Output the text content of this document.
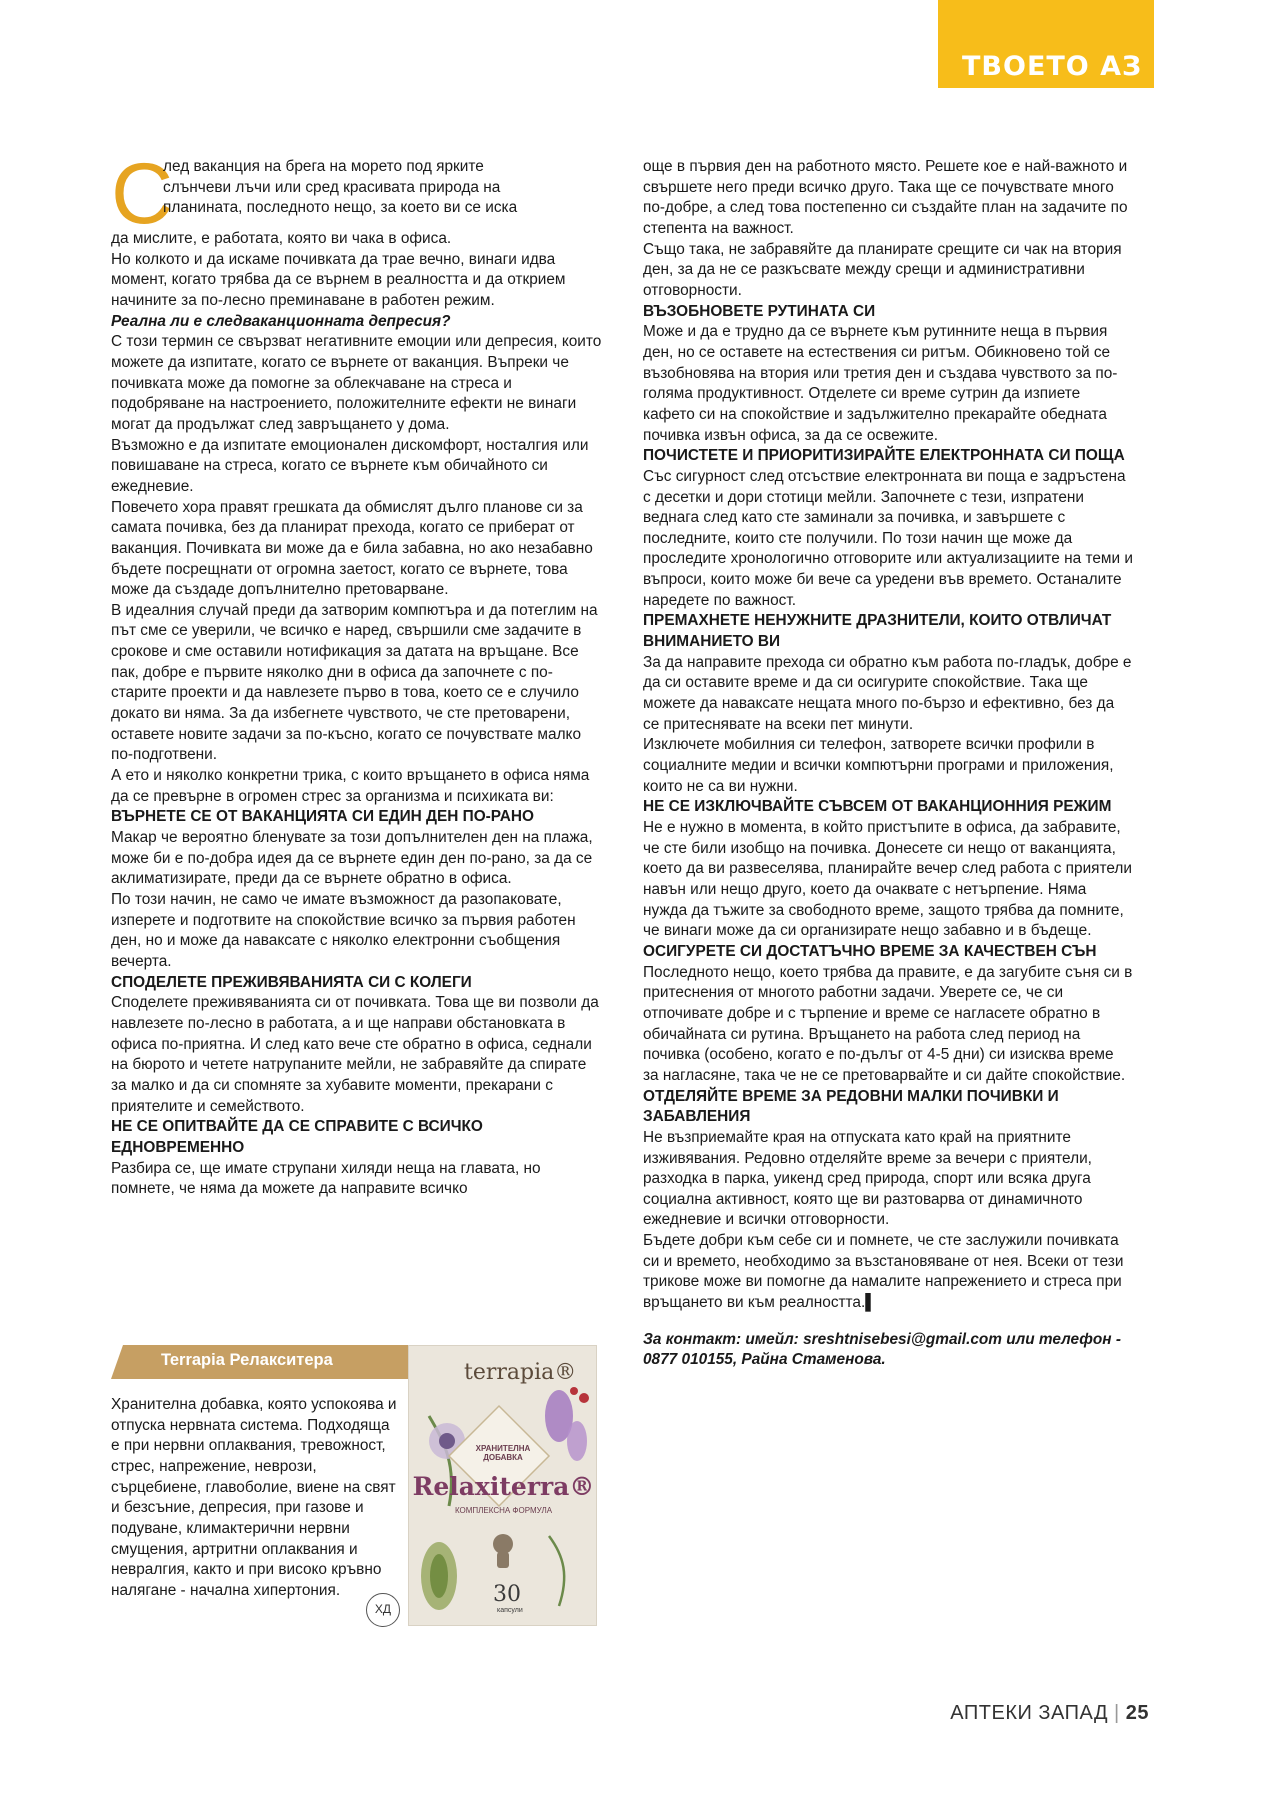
ТВОЕТО АЗ
С

лед ваканция на брега на морето под ярките

слънчеви лъчи или сред красивата природа на

планината, последното нещо, за което ви се иска

да мислите, е работата, която ви чака в офиса.

Но колкото и да искаме почивката да трае вечно, винаги идва момент, когато трябва да се върнем в реалността и да открием начините за по-лесно преминаване в работен режим.

Реална ли е следваканционната депресия?

С този термин се свързват негативните емоции или депресия, които можете да изпитате, когато се върнете от ваканция. Въпреки че почивката може да помогне за облекчаване на стреса и подобряване на настроението, положителните ефекти не винаги могат да продължат след завръщането у дома.

Възможно е да изпитате емоционален дискомфорт, носталгия или повишаване на стреса, когато се върнете към обичайното си ежедневие.

Повечето хора правят грешката да обмислят дълго планове си за самата почивка, без да планират прехода, когато се приберат от ваканция. Почивката ви може да е била забавна, но ако незабавно бъдете посрещнати от огромна заетост, когато се върнете, това може да създаде допълнително претоварване.

В идеалния случай преди да затворим компютъра и да потеглим на път сме се уверили, че всичко е наред, свършили сме задачите в срокове и сме оставили нотификация за датата на връщане. Все пак, добре е първите няколко дни в офиса да започнете с по-старите проекти и да навлезете първо в това, което се е случило докато ви няма. За да избегнете чувството, че сте претоварени, оставете новите задачи за по-късно, когато се почувствате малко по-подготвени.

А ето и няколко конкретни трика, с които връщането в офиса няма да се превърне в огромен стрес за организма и психиката ви:

ВЪРНЕТЕ СЕ ОТ ВАКАНЦИЯТА СИ ЕДИН ДЕН ПО-РАНО

Макар че вероятно бленувате за този допълнителен ден на плажа, може би е по-добра идея да се върнете един ден по-рано, за да се аклиматизирате, преди да се върнете обратно в офиса.

По този начин, не само че имате възможност да разопаковате, изперете и подготвите на спокойствие всичко за първия работен ден, но и може да наваксате с няколко електронни съобщения вечерта.

СПОДЕЛЕТЕ ПРЕЖИВЯВАНИЯТА СИ С КОЛЕГИ

Споделете преживяванията си от почивката. Това ще ви позволи да навлезете по-лесно в работата, а и ще направи обстановката в офиса по-приятна. И след като вече сте обратно в офиса, седнали на бюрото и четете натрупаните мейли, не забравяйте да спирате за малко и да си спомняте за хубавите моменти, прекарани с приятелите и семейството.

НЕ СЕ ОПИТВАЙТЕ ДА СЕ СПРАВИТЕ С ВСИЧКО ЕДНОВРЕМЕННО

Разбира се, ще имате струпани хиляди неща на главата, но помнете, че няма да можете да направите всичко

още в първия ден на работното място. Решете кое е най-важното и свършете него преди всичко друго. Така ще се почувствате много по-добре, а след това постепенно си създайте план на задачите по степента на важност.

Също така, не забравяйте да планирате срещите си чак на втория ден, за да не се разкъсвате между срещи и административни отговорности.

ВЪЗОБНОВЕТЕ РУТИНАТА СИ

Може и да е трудно да се върнете към рутинните неща в първия ден, но се оставете на естествения си ритъм. Обикновено той се възобновява на втория или третия ден и създава чувството за по-голяма продуктивност. Отделете си време сутрин да изпиете кафето си на спокойствие и задължително прекарайте обедната почивка извън офиса, за да се освежите.

ПОЧИСТЕТЕ И ПРИОРИТИЗИРАЙТЕ ЕЛЕКТРОННАТА СИ ПОЩА

Със сигурност след отсъствие електронната ви поща е задръстена с десетки и дори стотици мейли. Започнете с тези, изпратени веднага след като сте заминали за почивка, и завършете с последните, които сте получили. По този начин ще може да проследите хронологично отговорите или актуализациите на теми и въпроси, които може би вече са уредени във времето. Останалите наредете по важност.

ПРЕМАХНЕТЕ НЕНУЖНИТЕ ДРАЗНИТЕЛИ, КОИТО ОТВЛИЧАТ ВНИМАНИЕТО ВИ

За да направите прехода си обратно към работа по-гладък, добре е да си оставите време и да си осигурите спокойствие. Така ще можете да наваксате нещата много по-бързо и ефективно, без да се притеснявате на всеки пет минути.

Изключете мобилния си телефон, затворете всички профили в социалните медии и всички компютърни програми и приложения, които не са ви нужни.

НЕ СЕ ИЗКЛЮЧВАЙТЕ СЪВСЕМ ОТ ВАКАНЦИОННИЯ РЕЖИМ

Не е нужно в момента, в който пристъпите в офиса, да забравите, че сте били изобщо на почивка. Донесете си нещо от ваканцията, което да ви развеселява, планирайте вечер след работа с приятели навън или нещо друго, което да очаквате с нетърпение. Няма нужда да тъжите за свободното време, защото трябва да помните, че винаги може да си организирате нещо забавно и в бъдеще.

ОСИГУРЕТЕ СИ ДОСТАТЪЧНО ВРЕМЕ ЗА КАЧЕСТВЕН СЪН

Последното нещо, което трябва да правите, е да загубите съня си в притеснения от многото работни задачи. Уверете се, че си отпочивате добре и с търпение и време се нагласете обратно в обичайната си рутина. Връщането на работа след период на почивка (особено, когато е по-дълъг от 4-5 дни) си изисква време за нагласяне, така че не се претоварвайте и си дайте спокойствие.

ОТДЕЛЯЙТЕ ВРЕМЕ ЗА РЕДОВНИ МАЛКИ ПОЧИВКИ И ЗАБАВЛЕНИЯ

Не възприемайте края на отпуската като край на приятните изживявания. Редовно отделяйте време за вечери с приятели, разходка в парка, уикенд сред природа, спорт или всяка друга социална активност, която ще ви разтоварва от динамичното ежедневие и всички отговорности.

Бъдете добри към себе си и помнете, че сте заслужили почивката си и времето, необходимо за възстановяване от нея. Всеки от тези трикове може ви помогне да намалите напрежението и стреса при връщането ви към реалността.▌

За контакт: имейл: sreshtnisebesi@gmail.com или телефон - 0877 010155, Райна Стаменова.

Terrapia Релакситера
Хранителна добавка, която успокоява и отпуска нервната система. Подходяща е при нервни оплаквания, тревожност, стрес, напрежение, неврози, сърцебиене, главоболие, виене на свят и безсъние, депресия, при газове и подуване, климактерични нервни смущения, артритни оплаквания и невралгия, както и при високо кръвно налягане - начална хипертония.
terrapia®
ХРАНИТЕЛНА ДОБАВКА
Relaxiterra®
КОМПЛЕКСНА ФОРМУЛА
30
капсули
ХД
АПТЕКИ ЗАПАД | 25
